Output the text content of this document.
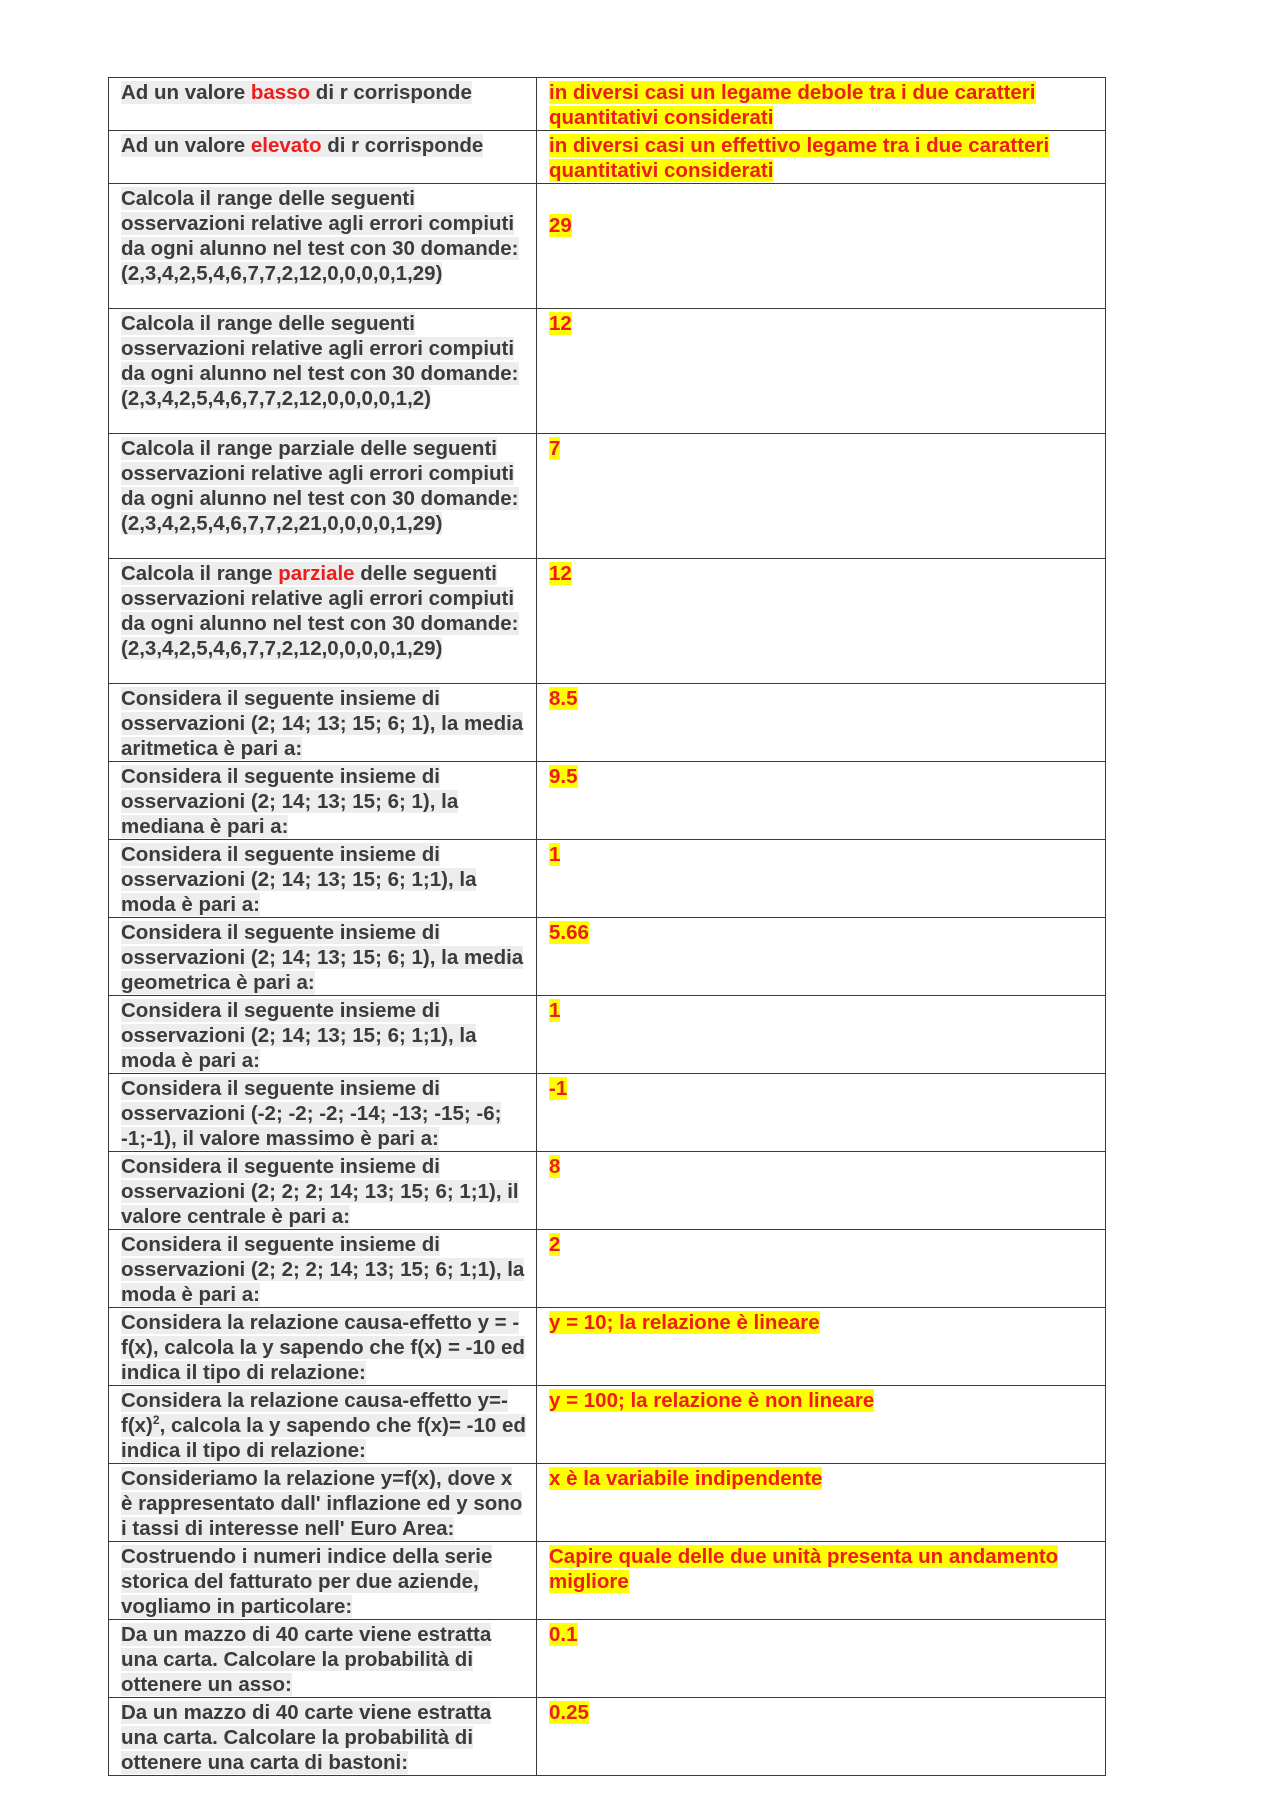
Ad un valore basso di r corrisponde	in diversi casi un legame debole tra i due caratteri quantitativi considerati
Ad un valore elevato di r corrisponde	in diversi casi un effettivo legame tra i due caratteri quantitativi considerati
Calcola il range delle seguenti osservazioni relative agli errori compiuti da ogni alunno nel test con 30 domande: (2,3,4,2,5,4,6,7,7,2,12,0,0,0,0,1,29)	29

Calcola il range delle seguenti osservazioni relative agli errori compiuti da ogni alunno nel test con 30 domande: (2,3,4,2,5,4,6,7,7,2,12,0,0,0,0,1,2)	12
Calcola il range parziale delle seguenti osservazioni relative agli errori compiuti da ogni alunno nel test con 30 domande: (2,3,4,2,5,4,6,7,7,2,21,0,0,0,0,1,29)	7
Calcola il range parziale delle seguenti osservazioni relative agli errori compiuti da ogni alunno nel test con 30 domande: (2,3,4,2,5,4,6,7,7,2,12,0,0,0,0,1,29)	12
Considera il seguente insieme di osservazioni (2; 14; 13; 15; 6; 1), la media aritmetica è pari a:	8.5
Considera il seguente insieme di osservazioni (2; 14; 13; 15; 6; 1), la mediana è pari a:	9.5
Considera il seguente insieme di osservazioni (2; 14; 13; 15; 6; 1;1), la moda è pari a:	1
Considera il seguente insieme di osservazioni (2; 14; 13; 15; 6; 1), la media geometrica è pari a:	5.66
Considera il seguente insieme di osservazioni (2; 14; 13; 15; 6; 1;1), la moda è pari a:	1
Considera il seguente insieme di osservazioni (-2; -2; -2; -14; -13; -15; -6; -1;-1), il valore massimo è pari a:	-1
Considera il seguente insieme di osservazioni (2; 2; 2; 14; 13; 15; 6; 1;1), il valore centrale è pari a:	8
Considera il seguente insieme di osservazioni (2; 2; 2; 14; 13; 15; 6; 1;1), la moda è pari a:	2
Considera la relazione causa-effetto y = -f(x), calcola la y sapendo che f(x) = -10 ed indica il tipo di relazione:	y = 10; la relazione è lineare
Considera la relazione causa-effetto $y=-f(x)^2$, calcola la y sapendo che f(x)= -10 ed indica il tipo di relazione:	y = 100; la relazione è non lineare
Consideriamo la relazione y=f(x), dove x è rappresentato dall' inflazione ed y sono i tassi di interesse nell' Euro Area:	x è la variabile indipendente
Costruendo i numeri indice della serie storica del fatturato per due aziende, vogliamo in particolare:	Capire quale delle due unità presenta un andamento migliore
Da un mazzo di 40 carte viene estratta una carta. Calcolare la probabilità di ottenere un asso:	0.1
Da un mazzo di 40 carte viene estratta una carta. Calcolare la probabilità di ottenere una carta di bastoni:	0.25
